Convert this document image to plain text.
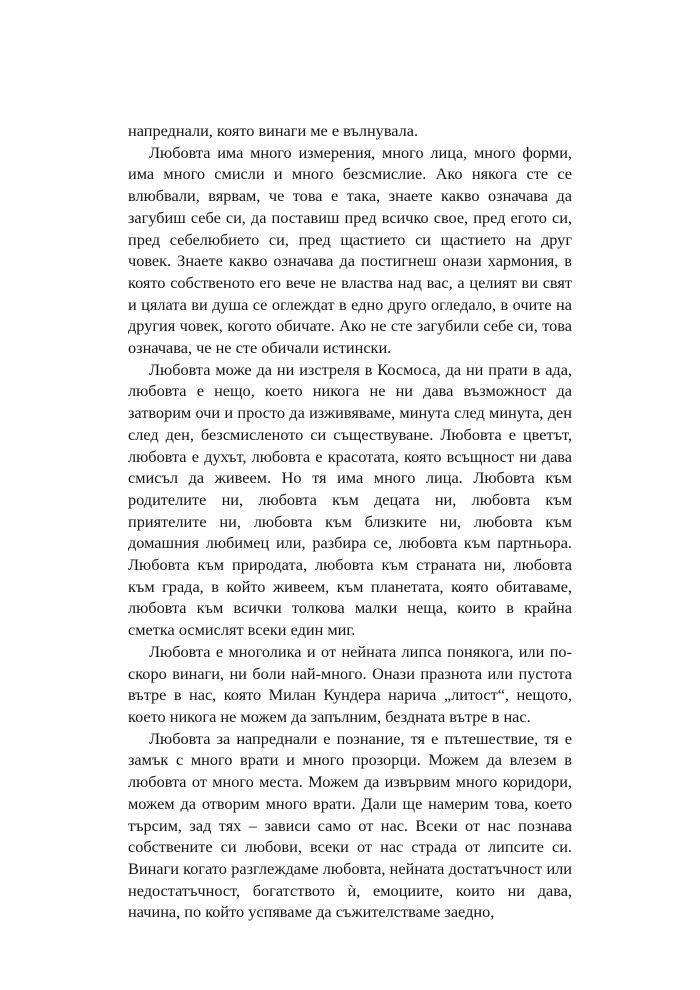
напреднали, която винаги ме е вълнувала.

Любовта има много измерения, много лица, много форми, има много смисли и много безсмислие. Ако някога сте се влюбвали, вярвам, че това е така, знаете какво означава да загубиш себе си, да поставиш пред всичко свое, пред егото си, пред себелюбието си, пред щастието си щастието на друг човек. Знаете какво означава да постигнеш онази хармония, в която собственото его вече не властва над вас, а целият ви свят и цялата ви душа се оглеждат в едно друго огледало, в очите на другия човек, когото обичате. Ако не сте загубили себе си, това означава, че не сте обичали истински.

Любовта може да ни изстреля в Космоса, да ни прати в ада, любовта е нещо, което никога не ни дава възможност да затворим очи и просто да изживяваме, минута след минута, ден след ден, безсмисленото си съществуване. Любовта е цветът, любовта е духът, любовта е красотата, която всъщност ни дава смисъл да живеем. Но тя има много лица. Любовта към родителите ни, любовта към децата ни, любовта към приятелите ни, любовта към близките ни, любовта към домашния любимец или, разбира се, любовта към партньора. Любовта към природата, любовта към страната ни, любовта към града, в който живеем, към планетата, която обитаваме, любовта към всички толкова малки неща, които в крайна сметка осмислят всеки един миг.

Любовта е многолика и от нейната липса понякога, или по-скоро винаги, ни боли най-много. Онази празнота или пустота вътре в нас, която Милан Кундера нарича „литост“, нещото, което никога не можем да запълним, бездната вътре в нас.

Любовта за напреднали е познание, тя е пътешествие, тя е замък с много врати и много прозорци. Можем да влезем в любовта от много места. Можем да извървим много коридори, можем да отворим много врати. Дали ще намерим това, което търсим, зад тях – зависи само от нас. Всеки от нас познава собствените си любови, всеки от нас страда от липсите си. Винаги когато разглеждаме любовта, нейната достатъчност или недостатъчност, богатството ѝ, емоциите, които ни дава, начина, по който успяваме да съжителстваме заедно,
